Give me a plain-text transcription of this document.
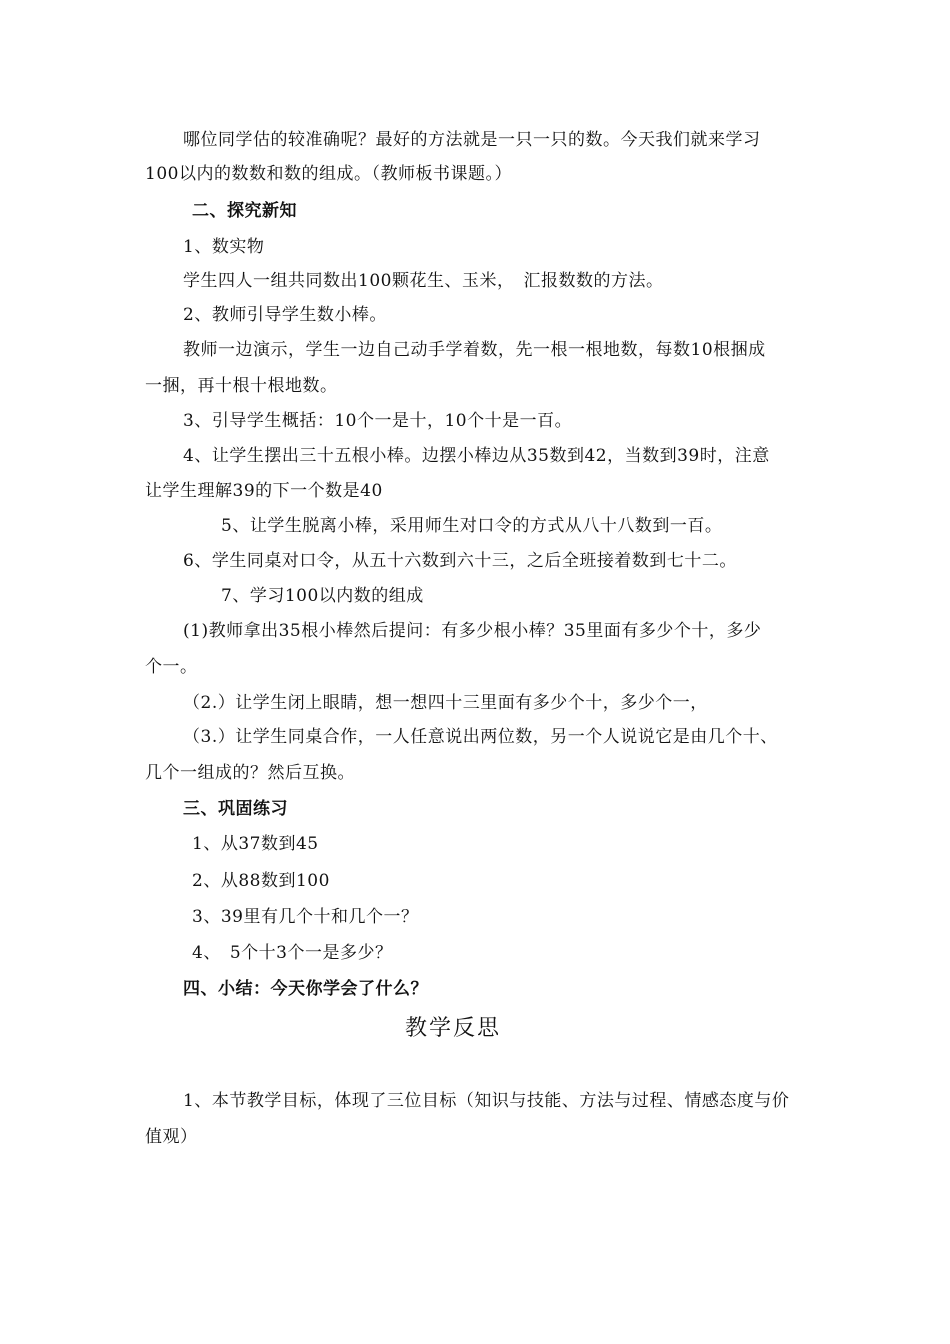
哪位同学估的较准确呢？最好的方法就是一只一只的数。今天我们就来学习
100以内的数数和数的组成。（教师板书课题。）
二、探究新知
1、数实物
学生四人一组共同数出100颗花生、玉米，　汇报数数的方法。
2、教师引导学生数小棒。
教师一边演示，学生一边自己动手学着数，先一根一根地数，每数10根捆成
一捆，再十根十根地数。
3、引导学生概括：10个一是十，10个十是一百。
4、让学生摆出三十五根小棒。边摆小棒边从35数到42，当数到39时，注意
让学生理解39的下一个数是40
5、让学生脱离小棒，采用师生对口令的方式从八十八数到一百。
6、学生同桌对口令，从五十六数到六十三，之后全班接着数到七十二。
7、学习100以内数的组成
(1)教师拿出35根小棒然后提问：有多少根小棒？35里面有多少个十，多少
个一。
（2.）让学生闭上眼睛，想一想四十三里面有多少个十，多少个一，
（3.）让学生同桌合作，一人任意说出两位数，另一个人说说它是由几个十、
几个一组成的？然后互换。
三、巩固练习
1、从37数到45
2、从88数到100
3、39里有几个十和几个一？
4、　5个十3个一是多少？
四、小结：今天你学会了什么？
教学反思
1、本节教学目标，体现了三位目标（知识与技能、方法与过程、情感态度与价
值观）
